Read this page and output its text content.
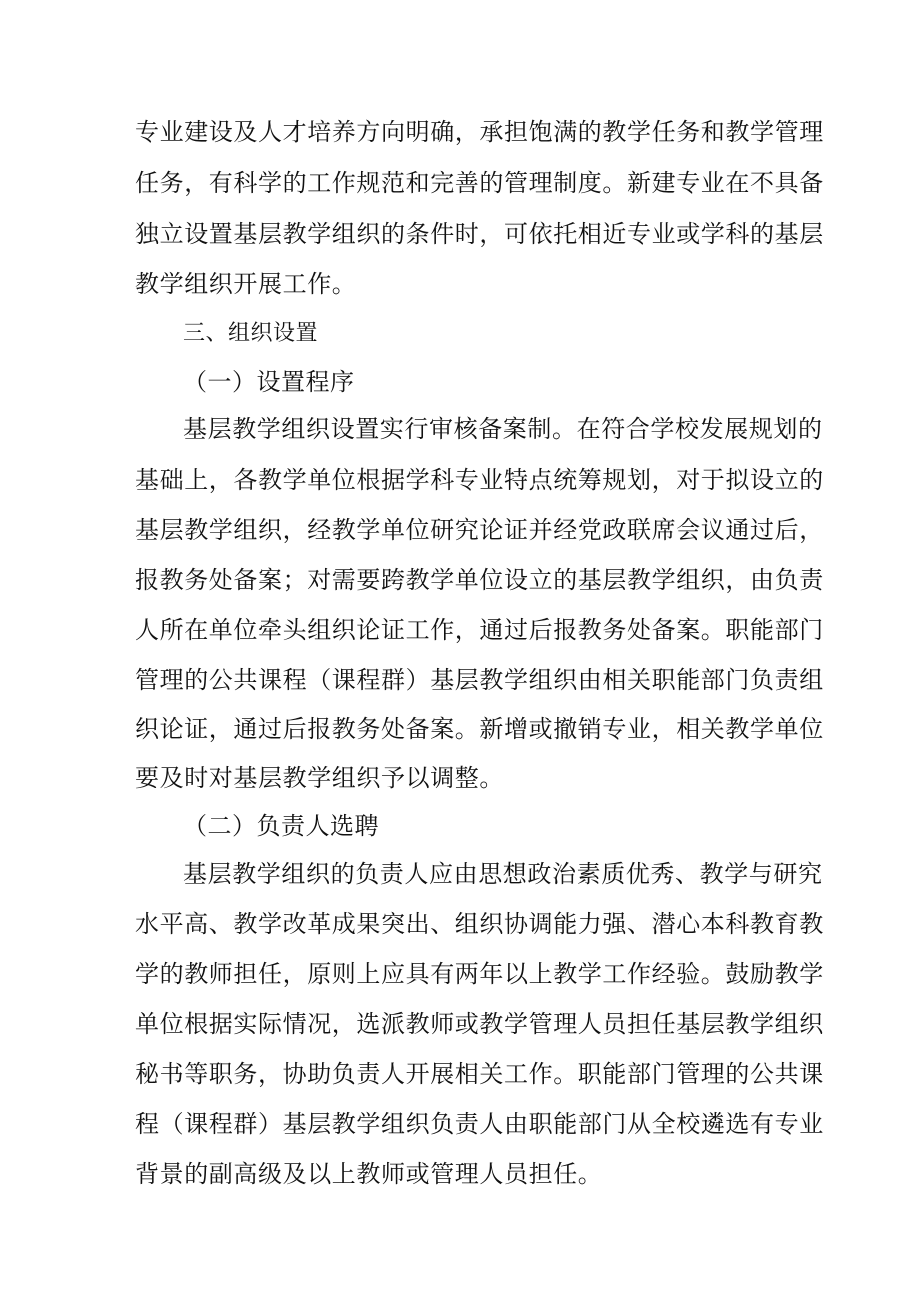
专业建设及人才培养方向明确，承担饱满的教学任务和教学管理
任务，有科学的工作规范和完善的管理制度。新建专业在不具备
独立设置基层教学组织的条件时，可依托相近专业或学科的基层
教学组织开展工作。
三、组织设置
（一）设置程序
基层教学组织设置实行审核备案制。在符合学校发展规划的
基础上，各教学单位根据学科专业特点统筹规划，对于拟设立的
基层教学组织，经教学单位研究论证并经党政联席会议通过后，
报教务处备案；对需要跨教学单位设立的基层教学组织，由负责
人所在单位牵头组织论证工作，通过后报教务处备案。职能部门
管理的公共课程（课程群）基层教学组织由相关职能部门负责组
织论证，通过后报教务处备案。新增或撤销专业，相关教学单位
要及时对基层教学组织予以调整。
（二）负责人选聘
基层教学组织的负责人应由思想政治素质优秀、教学与研究
水平高、教学改革成果突出、组织协调能力强、潜心本科教育教
学的教师担任，原则上应具有两年以上教学工作经验。鼓励教学
单位根据实际情况，选派教师或教学管理人员担任基层教学组织
秘书等职务，协助负责人开展相关工作。职能部门管理的公共课
程（课程群）基层教学组织负责人由职能部门从全校遴选有专业
背景的副高级及以上教师或管理人员担任。
